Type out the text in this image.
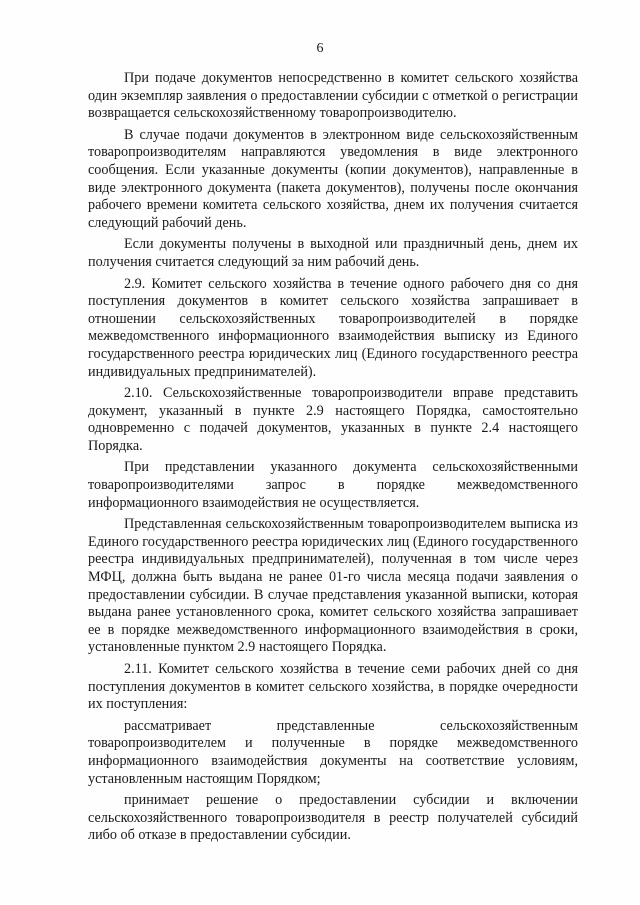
6

При подаче документов непосредственно в комитет сельского хозяйства один экземпляр заявления о предоставлении субсидии с отметкой о регистрации возвращается сельскохозяйственному товаропроизводителю.

В случае подачи документов в электронном виде сельскохозяйственным товаропроизводителям направляются уведомления в виде электронного сообщения. Если указанные документы (копии документов), направленные в виде электронного документа (пакета документов), получены после окончания рабочего времени комитета сельского хозяйства, днем их получения считается следующий рабочий день.

Если документы получены в выходной или праздничный день, днем их получения считается следующий за ним рабочий день.

2.9. Комитет сельского хозяйства в течение одного рабочего дня со дня поступления документов в комитет сельского хозяйства запрашивает в отношении сельскохозяйственных товаропроизводителей в порядке межведомственного информационного взаимодействия выписку из Единого государственного реестра юридических лиц (Единого государственного реестра индивидуальных предпринимателей).

2.10. Сельскохозяйственные товаропроизводители вправе представить документ, указанный в пункте 2.9 настоящего Порядка, самостоятельно одновременно с подачей документов, указанных в пункте 2.4 настоящего Порядка.

При представлении указанного документа сельскохозяйственными товаропроизводителями запрос в порядке межведомственного информационного взаимодействия не осуществляется.

Представленная сельскохозяйственным товаропроизводителем выписка из Единого государственного реестра юридических лиц (Единого государственного реестра индивидуальных предпринимателей), полученная в том числе через МФЦ, должна быть выдана не ранее 01-го числа месяца подачи заявления о предоставлении субсидии. В случае представления указанной выписки, которая выдана ранее установленного срока, комитет сельского хозяйства запрашивает ее в порядке межведомственного информационного взаимодействия в сроки, установленные пунктом 2.9 настоящего Порядка.

2.11. Комитет сельского хозяйства в течение семи рабочих дней со дня поступления документов в комитет сельского хозяйства, в порядке очередности их поступления:

рассматривает представленные сельскохозяйственным товаропроизводителем и полученные в порядке межведомственного информационного взаимодействия документы на соответствие условиям, установленным настоящим Порядком;

принимает решение о предоставлении субсидии и включении сельскохозяйственного товаропроизводителя в реестр получателей субсидий либо об отказе в предоставлении субсидии.
